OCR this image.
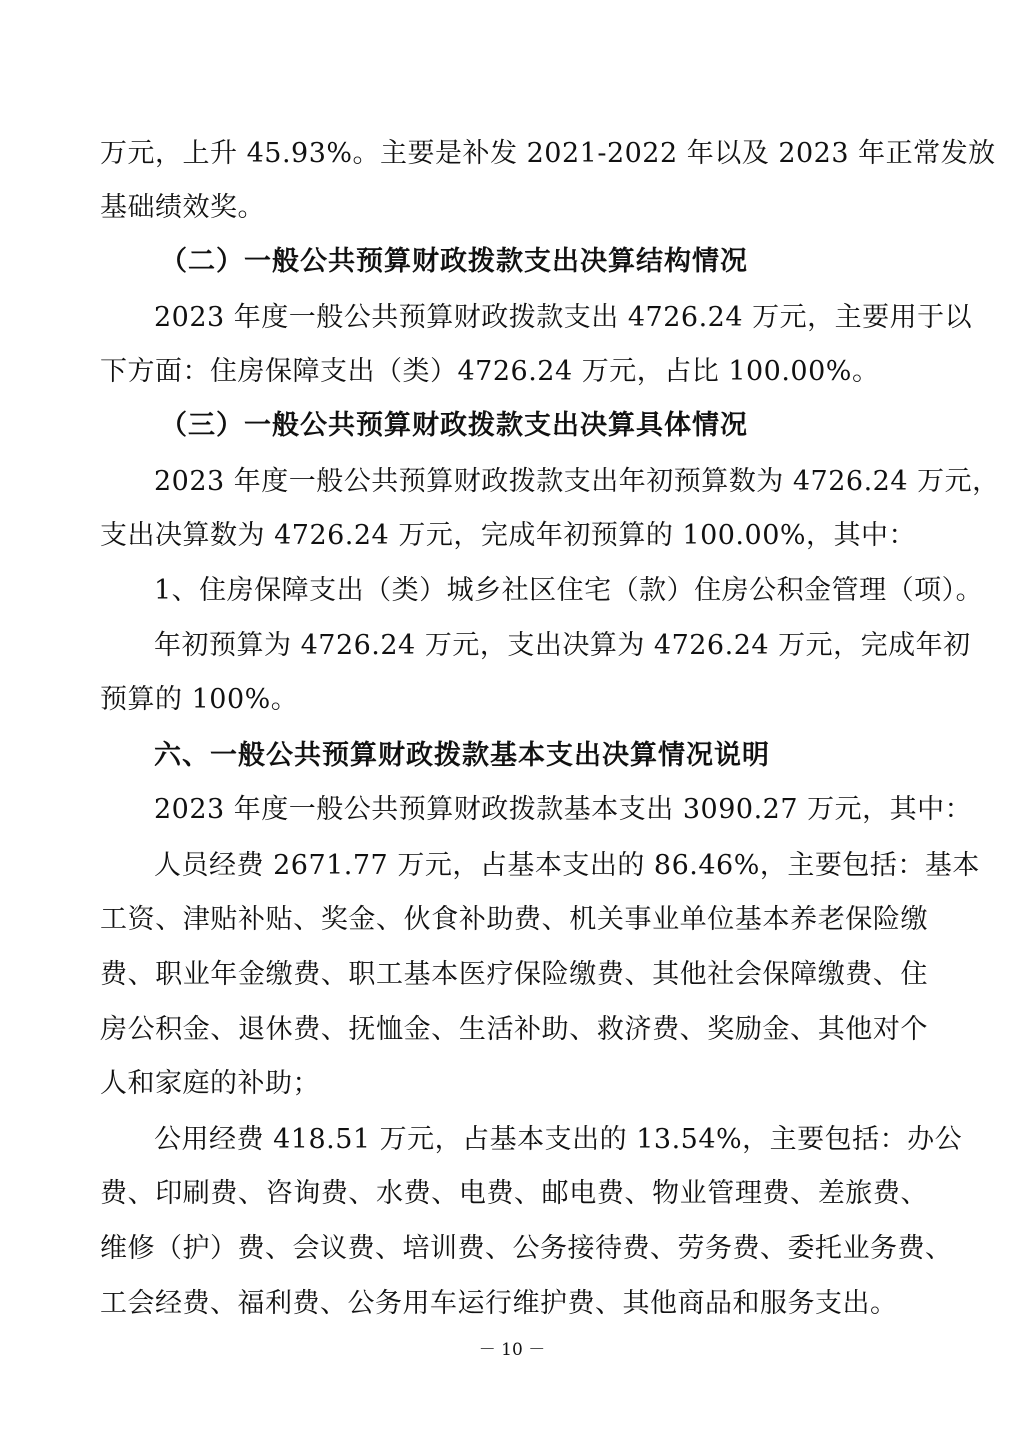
万元，上升 45.93%。主要是补发 2021-2022 年以及 2023 年正常发放
基础绩效奖。
（二）一般公共预算财政拨款支出决算结构情况
2023 年度一般公共预算财政拨款支出 4726.24 万元，主要用于以
下方面：住房保障支出（类）4726.24 万元，占比 100.00%。
（三）一般公共预算财政拨款支出决算具体情况
2023 年度一般公共预算财政拨款支出年初预算数为 4726.24 万元，
支出决算数为 4726.24 万元，完成年初预算的 100.00%，其中：
1、住房保障支出（类）城乡社区住宅（款）住房公积金管理（项）。
年初预算为 4726.24 万元，支出决算为 4726.24 万元，完成年初
预算的 100%。
六、一般公共预算财政拨款基本支出决算情况说明
2023 年度一般公共预算财政拨款基本支出 3090.27 万元，其中：
人员经费 2671.77 万元，占基本支出的 86.46%，主要包括：基本
工资、津贴补贴、奖金、伙食补助费、机关事业单位基本养老保险缴
费、职业年金缴费、职工基本医疗保险缴费、其他社会保障缴费、住
房公积金、退休费、抚恤金、生活补助、救济费、奖励金、其他对个
人和家庭的补助；
公用经费 418.51 万元，占基本支出的 13.54%，主要包括：办公
费、印刷费、咨询费、水费、电费、邮电费、物业管理费、差旅费、
维修（护）费、会议费、培训费、公务接待费、劳务费、委托业务费、
工会经费、福利费、公务用车运行维护费、其他商品和服务支出。
－ 10 －
